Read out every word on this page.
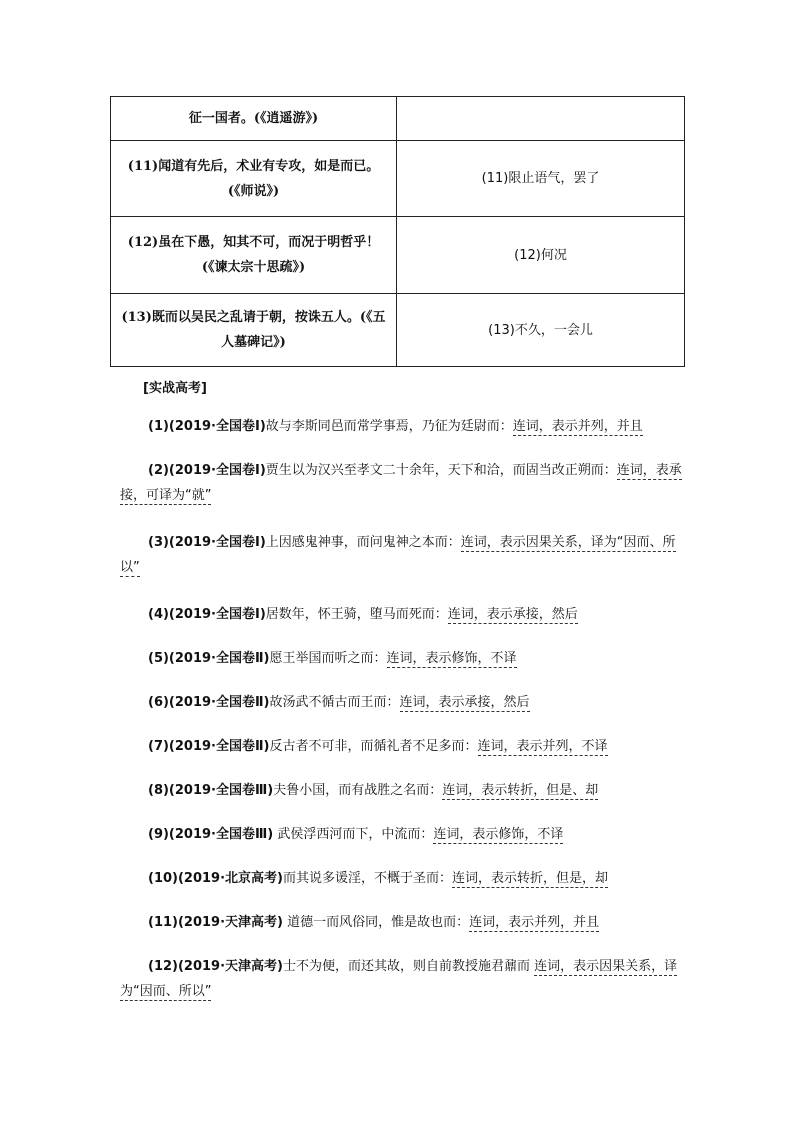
征一国者。(《逍遥游》)	
(11)闻道有先后，术业有专攻，如是而已。(《师说》)	(11)限止语气，罢了
(12)虽在下愚，知其不可，而况于明哲乎！(《谏太宗十思疏》)	(12)何况
(13)既而以吴民之乱请于朝，按诛五人。(《五人墓碑记》)	(13)不久，一会儿
[实战高考]
(1)(2019·全国卷Ⅰ)故与李斯同邑而常学事焉，乃征为廷尉而：连词，表示并列，并且
(2)(2019·全国卷Ⅰ)贾生以为汉兴至孝文二十余年，天下和洽，而固当改正朔而：连词，表承接，可译为“就”
(3)(2019·全国卷Ⅰ)上因感鬼神事，而问鬼神之本而：连词，表示因果关系，译为“因而、所以”
(4)(2019·全国卷Ⅰ)居数年，怀王骑，堕马而死而：连词，表示承接，然后
(5)(2019·全国卷Ⅱ)愿王举国而听之而：连词，表示修饰，不译
(6)(2019·全国卷Ⅱ)故汤武不循古而王而：连词，表示承接，然后
(7)(2019·全国卷Ⅱ)反古者不可非，而循礼者不足多而：连词，表示并列，不译
(8)(2019·全国卷Ⅲ)夫鲁小国，而有战胜之名而：连词，表示转折，但是、却
(9)(2019·全国卷Ⅲ) 武侯浮西河而下，中流而：连词，表示修饰，不译
(10)(2019·北京高考)而其说多谖淫，不概于圣而：连词，表示转折，但是，却
(11)(2019·天津高考) 道德一而风俗同，惟是故也而：连词，表示并列，并且
(12)(2019·天津高考)士不为便，而还其故，则自前教授施君鼐而 连词，表示因果关系，译为“因而、所以”
